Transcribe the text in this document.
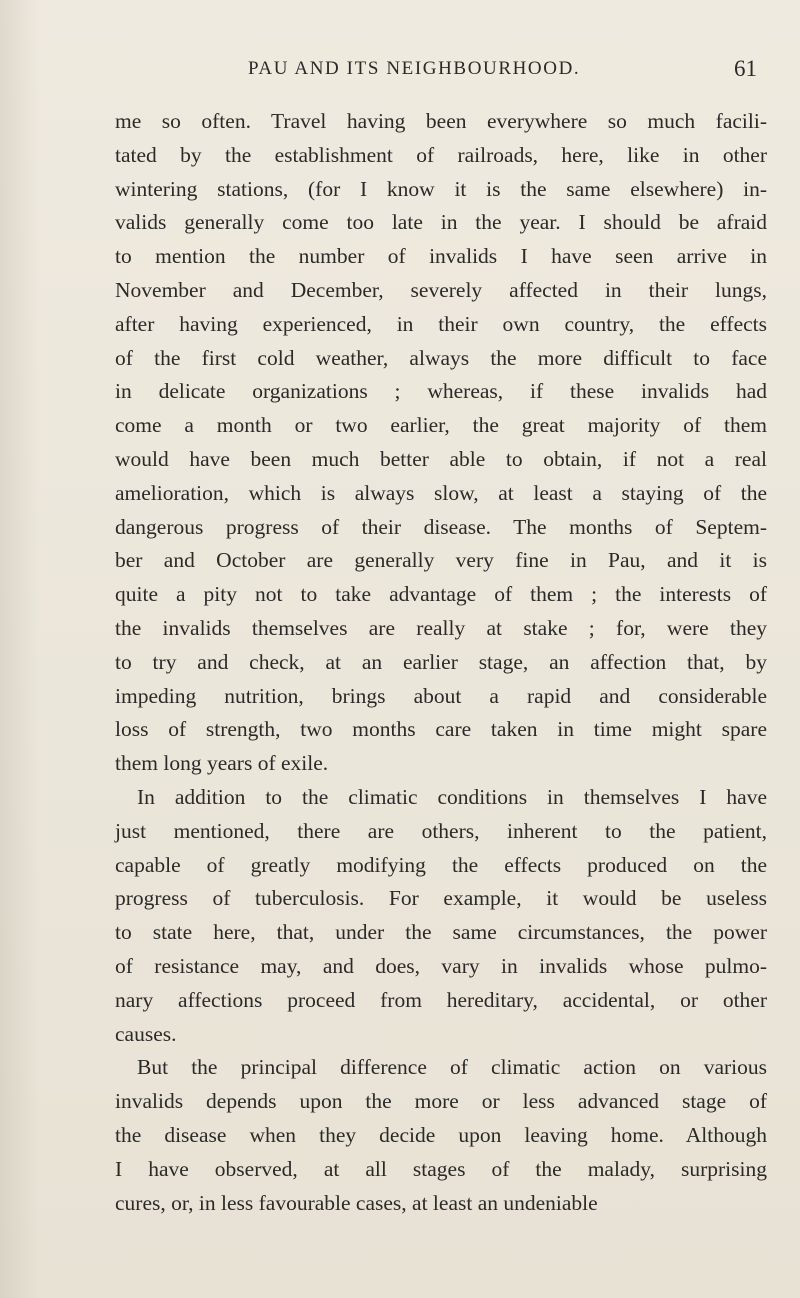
PAU AND ITS NEIGHBOURHOOD.	61
me so often. Travel having been everywhere so much facili-
tated by the establishment of railroads, here, like in other
wintering stations, (for I know it is the same elsewhere) in-
valids generally come too late in the year. I should be afraid
to mention the number of invalids I have seen arrive in
November and December, severely affected in their lungs,
after having experienced, in their own country, the effects
of the first cold weather, always the more difficult to face
in delicate organizations ; whereas, if these invalids had
come a month or two earlier, the great majority of them
would have been much better able to obtain, if not a real
amelioration, which is always slow, at least a staying of the
dangerous progress of their disease. The months of Septem-
ber and October are generally very fine in Pau, and it is
quite a pity not to take advantage of them ; the interests of
the invalids themselves are really at stake ; for, were they
to try and check, at an earlier stage, an affection that, by
impeding nutrition, brings about a rapid and considerable
loss of strength, two months care taken in time might spare
them long years of exile.
In addition to the climatic conditions in themselves I have
just mentioned, there are others, inherent to the patient,
capable of greatly modifying the effects produced on the
progress of tuberculosis. For example, it would be useless
to state here, that, under the same circumstances, the power
of resistance may, and does, vary in invalids whose pulmo-
nary affections proceed from hereditary, accidental, or other
causes.
But the principal difference of climatic action on various
invalids depends upon the more or less advanced stage of
the disease when they decide upon leaving home. Although
I have observed, at all stages of the malady, surprising
cures, or, in less favourable cases, at least an undeniable
